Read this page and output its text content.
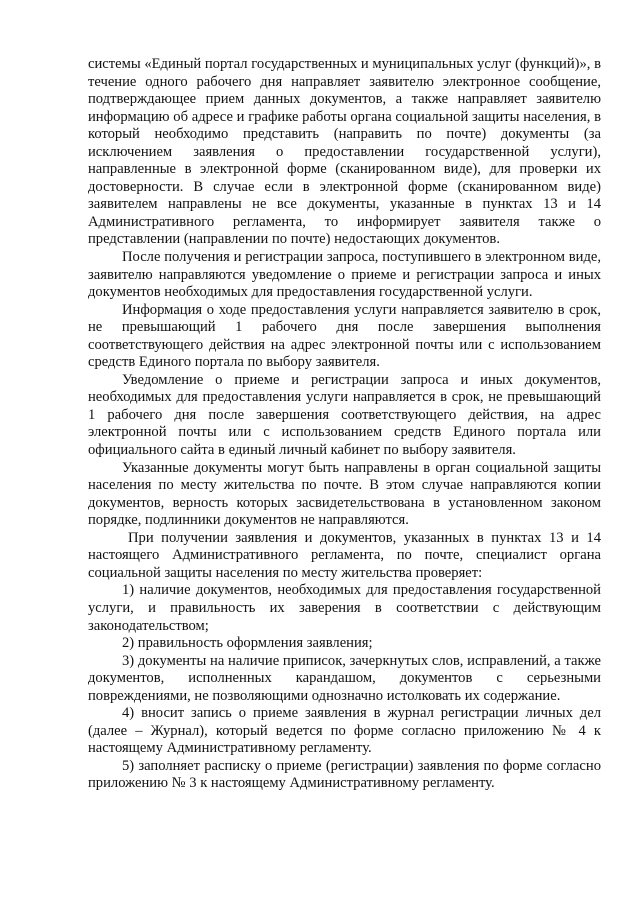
системы «Единый портал государственных и муниципальных услуг (функций)», в течение одного рабочего дня направляет заявителю электронное сообщение, подтверждающее прием данных документов, а также направляет заявителю информацию об адресе и графике работы органа социальной защиты населения, в который необходимо представить (направить по почте) документы (за исключением заявления о предоставлении государственной услуги), направленные в электронной форме (сканированном виде), для проверки их достоверности. В случае если в электронной форме (сканированном виде) заявителем направлены не все документы, указанные в пунктах 13 и 14 Административного регламента, то информирует заявителя также о представлении (направлении по почте) недостающих документов.

После получения и регистрации запроса, поступившего в электронном виде, заявителю направляются уведомление о приеме и регистрации запроса и иных документов необходимых для предоставления государственной услуги.

Информация о ходе предоставления услуги направляется заявителю в срок, не превышающий 1 рабочего дня после завершения выполнения соответствующего действия на адрес электронной почты или с использованием средств Единого портала по выбору заявителя.

Уведомление о приеме и регистрации запроса и иных документов, необходимых для предоставления услуги направляется в срок, не превышающий 1 рабочего дня после завершения соответствующего действия, на адрес электронной почты или с использованием средств Единого портала или официального сайта в единый личный кабинет по выбору заявителя.

Указанные документы могут быть направлены в орган социальной защиты населения по месту жительства по почте. В этом случае направляются копии документов, верность которых засвидетельствована в установленном законом порядке, подлинники документов не направляются.

При получении заявления и документов, указанных в пунктах 13 и 14 настоящего Административного регламента, по почте, специалист органа социальной защиты населения по месту жительства проверяет:

1) наличие документов, необходимых для предоставления государственной услуги, и правильность их заверения в соответствии с действующим законодательством;

2) правильность оформления заявления;

3) документы на наличие приписок, зачеркнутых слов, исправлений, а также документов, исполненных карандашом, документов с серьезными повреждениями, не позволяющими однозначно истолковать их содержание.

4) вносит запись о приеме заявления в журнал регистрации личных дел (далее – Журнал), который ведется по форме согласно приложению № 4 к настоящему Административному регламенту.

5) заполняет расписку о приеме (регистрации) заявления по форме согласно приложению № 3 к настоящему Административному регламенту.
